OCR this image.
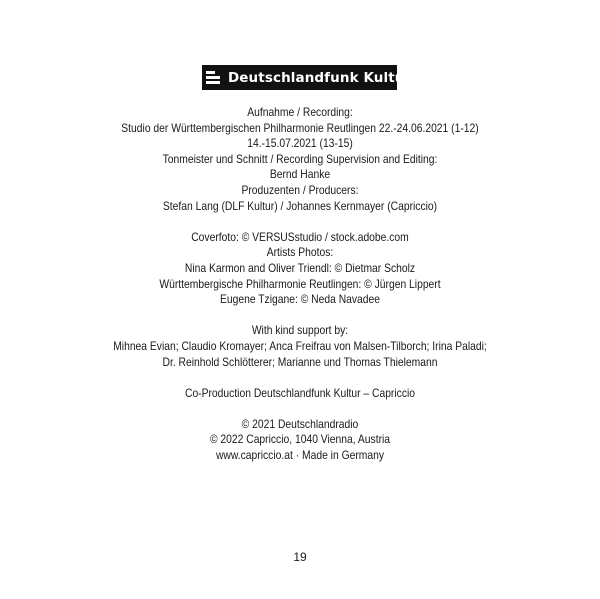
Deutschlandfunk Kultur

Aufnahme / Recording:

Studio der Württembergischen Philharmonie Reutlingen 22.-24.06.2021 (1-12)

14.-15.07.2021 (13-15)

Tonmeister und Schnitt / Recording Supervision and Editing:

Bernd Hanke

Produzenten / Producers:

Stefan Lang (DLF Kultur) / Johannes Kernmayer (Capriccio)

Coverfoto: © VERSUSstudio / stock.adobe.com

Artists Photos:

Nina Karmon and Oliver Triendl: © Dietmar Scholz

Württembergische Philharmonie Reutlingen: © Jürgen Lippert

Eugene Tzigane: © Neda Navadee

With kind support by:

Mihnea Evian; Claudio Kromayer; Anca Freifrau von Malsen-Tilborch; Irina Paladi;

Dr. Reinhold Schlötterer; Marianne und Thomas Thielemann

Co-Production Deutschlandfunk Kultur – Capriccio

© 2021 Deutschlandradio

© 2022 Capriccio, 1040 Vienna, Austria

www.capriccio.at · Made in Germany

19
